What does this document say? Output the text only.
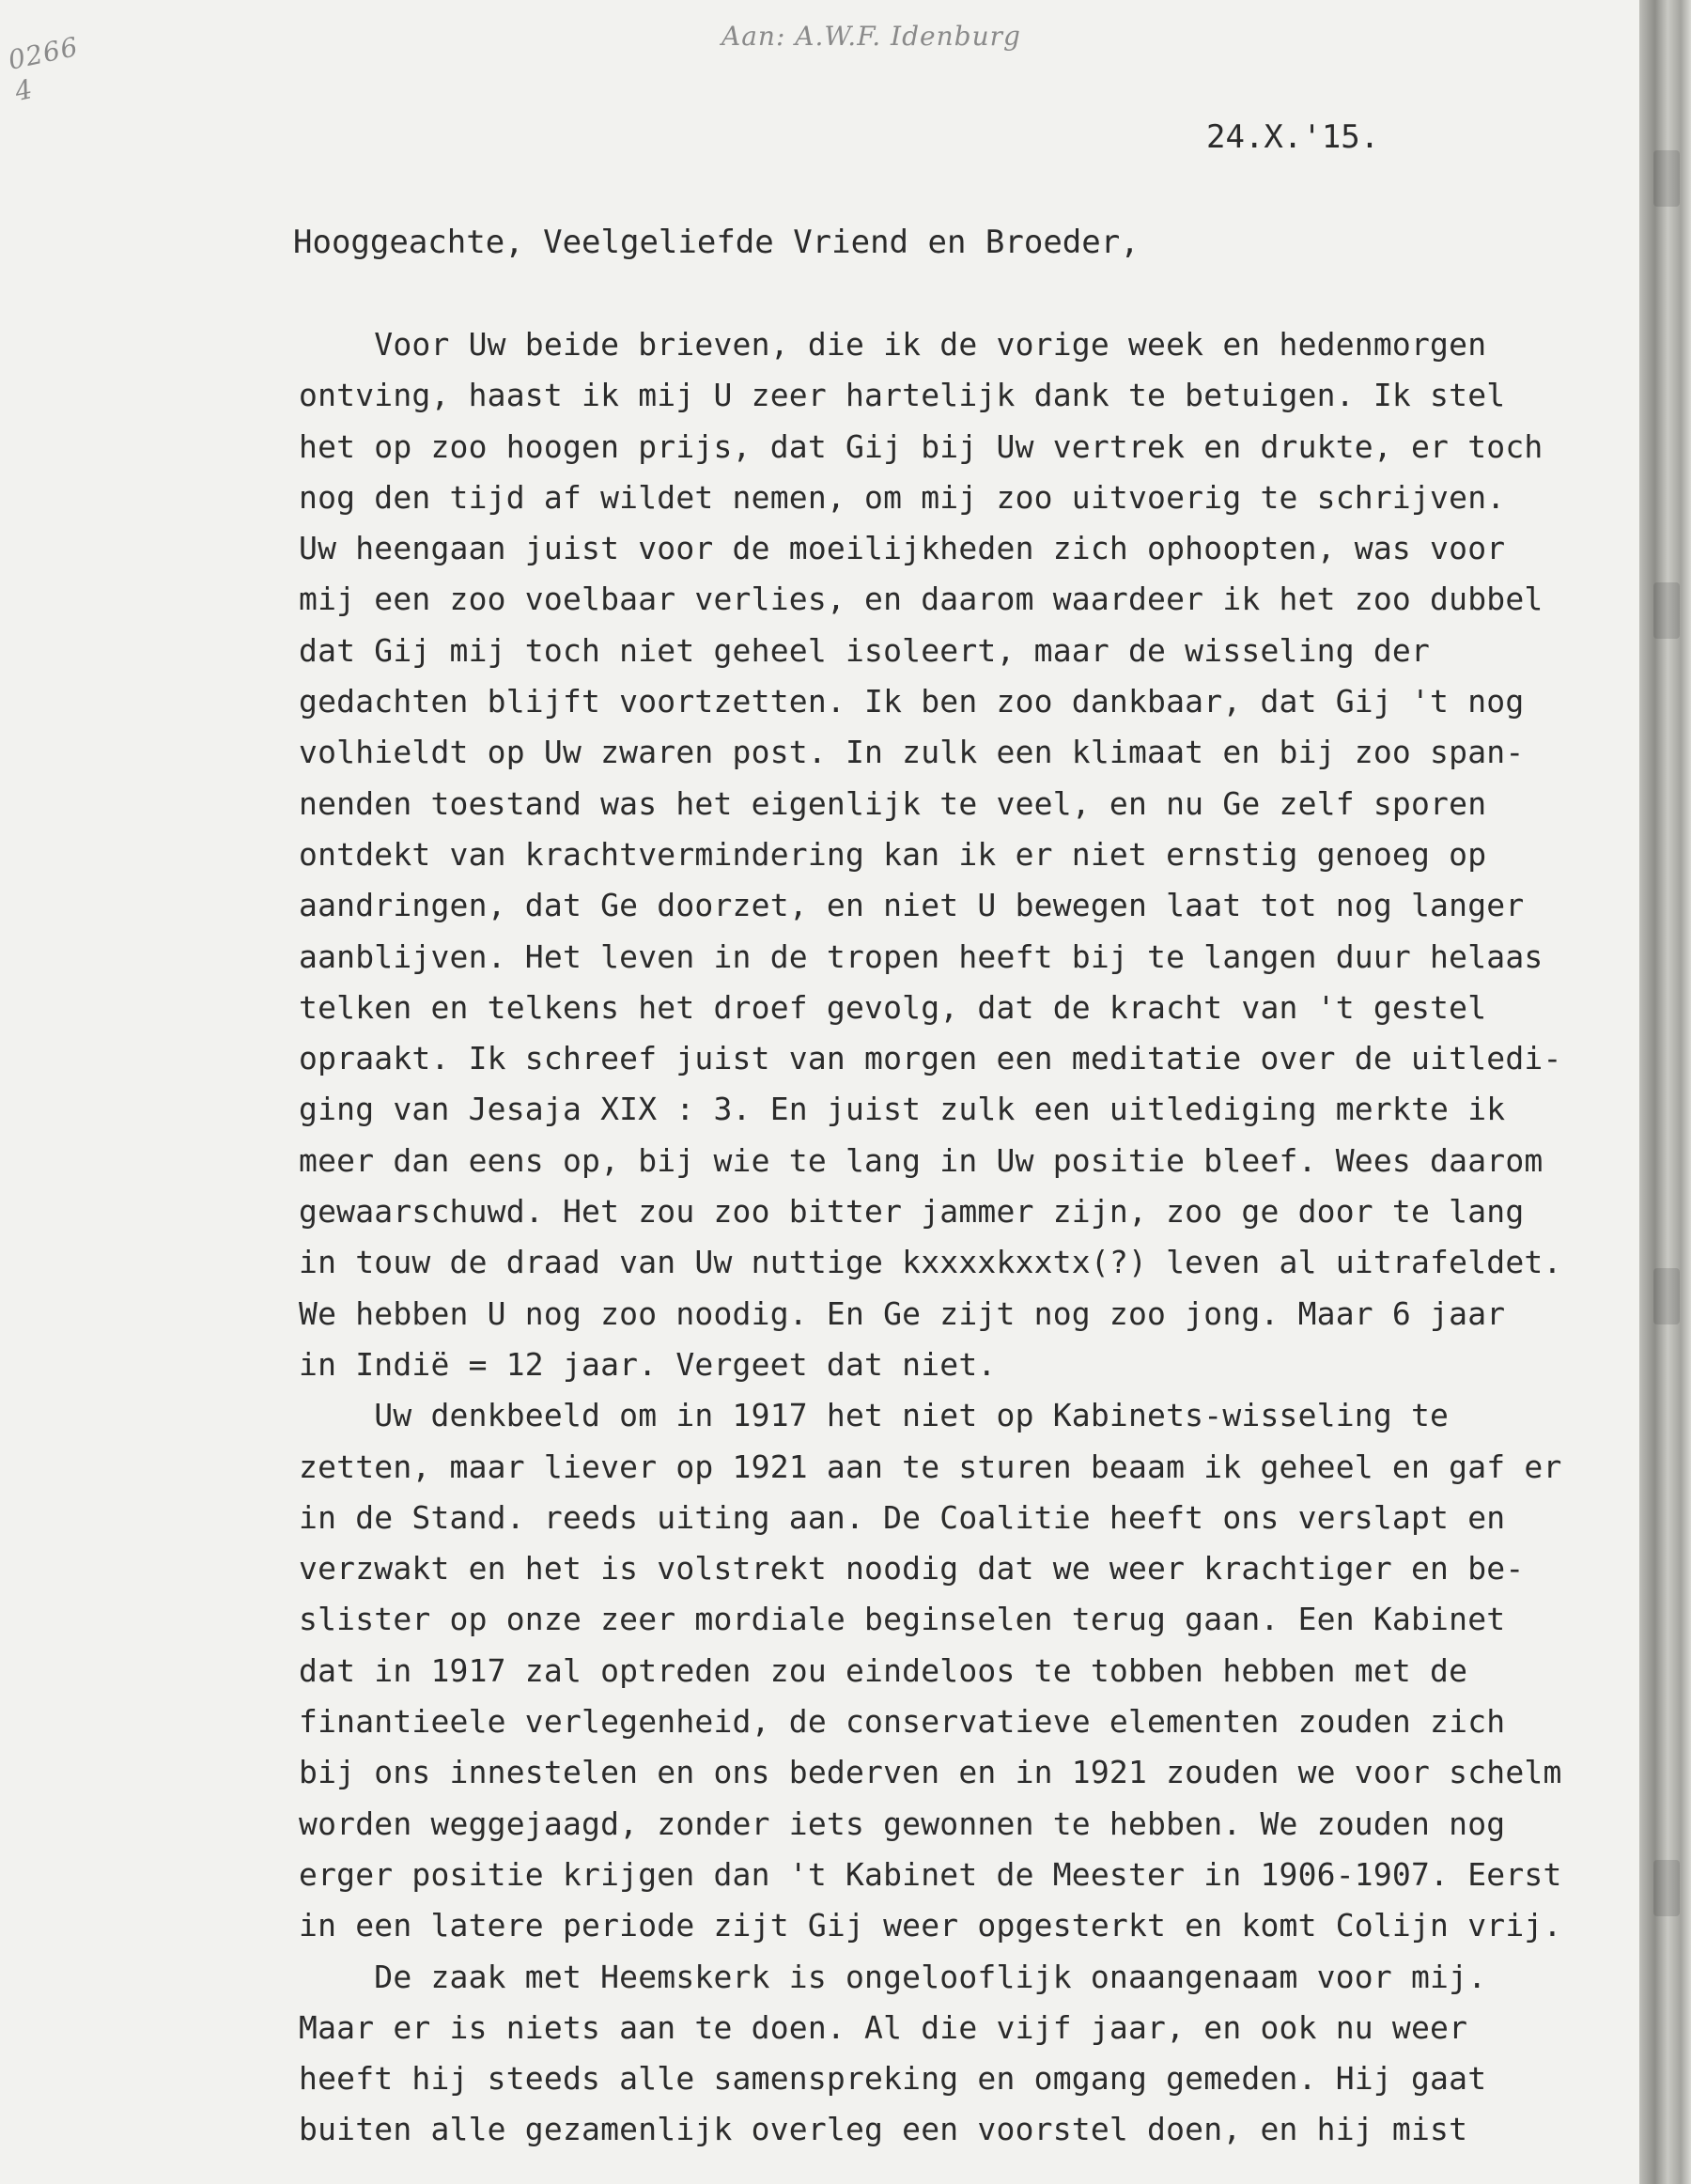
Aan: A.W.F. Idenburg
0266
4
24.X.'15.
Hooggeachte, Veelgeliefde Vriend en Broeder,
Voor Uw beide brieven, die ik de vorige week en hedenmorgen
ontving, haast ik mij U zeer hartelijk dank te betuigen. Ik stel
het op zoo hoogen prijs, dat Gij bij Uw vertrek en drukte, er toch
nog den tijd af wildet nemen, om mij zoo uitvoerig te schrijven.
Uw heengaan juist voor de moeilijkheden zich ophoopten, was voor
mij een zoo voelbaar verlies, en daarom waardeer ik het zoo dubbel
dat Gij mij toch niet geheel isoleert, maar de wisseling der
gedachten blijft voortzetten. Ik ben zoo dankbaar, dat Gij 't nog
volhieldt op Uw zwaren post. In zulk een klimaat en bij zoo span-
nenden toestand was het eigenlijk te veel, en nu Ge zelf sporen
ontdekt van krachtvermindering kan ik er niet ernstig genoeg op
aandringen, dat Ge doorzet, en niet U bewegen laat tot nog langer
aanblijven. Het leven in de tropen heeft bij te langen duur helaas
telken en telkens het droef gevolg, dat de kracht van 't gestel
opraakt. Ik schreef juist van morgen een meditatie over de uitledi-
ging van Jesaja XIX : 3. En juist zulk een uitlediging merkte ik
meer dan eens op, bij wie te lang in Uw positie bleef. Wees daarom
gewaarschuwd. Het zou zoo bitter jammer zijn, zoo ge door te lang
in touw de draad van Uw nuttige kxxxxkxxtx(?) leven al uitrafeldet.
We hebben U nog zoo noodig. En Ge zijt nog zoo jong. Maar 6 jaar
in Indië = 12 jaar. Vergeet dat niet.
Uw denkbeeld om in 1917 het niet op Kabinets-wisseling te
zetten, maar liever op 1921 aan te sturen beaam ik geheel en gaf er
in de Stand. reeds uiting aan. De Coalitie heeft ons verslapt en
verzwakt en het is volstrekt noodig dat we weer krachtiger en be-
slister op onze zeer mordiale beginselen terug gaan. Een Kabinet
dat in 1917 zal optreden zou eindeloos te tobben hebben met de
finantieele verlegenheid, de conservatieve elementen zouden zich
bij ons innestelen en ons bederven en in 1921 zouden we voor schelm
worden weggejaagd, zonder iets gewonnen te hebben. We zouden nog
erger positie krijgen dan 't Kabinet de Meester in 1906-1907. Eerst
in een latere periode zijt Gij weer opgesterkt en komt Colijn vrij.
De zaak met Heemskerk is ongelooflijk onaangenaam voor mij.
Maar er is niets aan te doen. Al die vijf jaar, en ook nu weer
heeft hij steeds alle samenspreking en omgang gemeden. Hij gaat
buiten alle gezamenlijk overleg een voorstel doen, en hij mist
